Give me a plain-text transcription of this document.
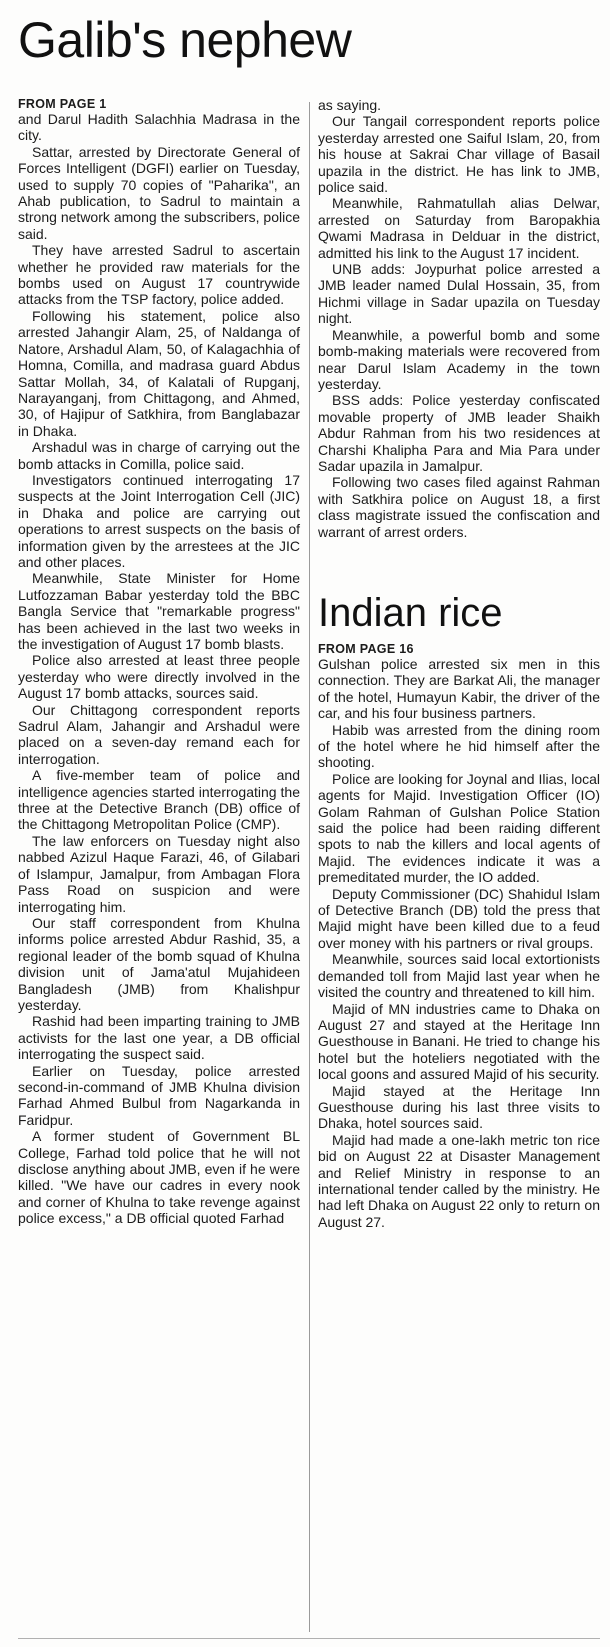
Galib's nephew
FROM PAGE 1

and Darul Hadith Salachhia Madrasa in the city.

Sattar, arrested by Directorate General of Forces Intelligent (DGFI) earlier on Tuesday, used to supply 70 copies of "Paharika", an Ahab publication, to Sadrul to maintain a strong network among the subscribers, police said.

They have arrested Sadrul to ascertain whether he provided raw materials for the bombs used on August 17 countrywide attacks from the TSP factory, police added.

Following his statement, police also arrested Jahangir Alam, 25, of Naldanga of Natore, Arshadul Alam, 50, of Kalagachhia of Homna, Comilla, and madrasa guard Abdus Sattar Mollah, 34, of Kalatali of Rupganj, Narayanganj, from Chittagong, and Ahmed, 30, of Hajipur of Satkhira, from Banglabazar in Dhaka.

Arshadul was in charge of carrying out the bomb attacks in Comilla, police said.

Investigators continued interrogating 17 suspects at the Joint Interrogation Cell (JIC) in Dhaka and police are carrying out operations to arrest suspects on the basis of information given by the arrestees at the JIC and other places.

Meanwhile, State Minister for Home Lutfozzaman Babar yesterday told the BBC Bangla Service that "remarkable progress" has been achieved in the last two weeks in the investigation of August 17 bomb blasts.

Police also arrested at least three people yesterday who were directly involved in the August 17 bomb attacks, sources said.

Our Chittagong correspondent reports Sadrul Alam, Jahangir and Arshadul were placed on a seven-day remand each for interrogation.

A five-member team of police and intelligence agencies started interrogating the three at the Detective Branch (DB) office of the Chittagong Metropolitan Police (CMP).

The law enforcers on Tuesday night also nabbed Azizul Haque Farazi, 46, of Gilabari of Islampur, Jamalpur, from Ambagan Flora Pass Road on suspicion and were interrogating him.

Our staff correspondent from Khulna informs police arrested Abdur Rashid, 35, a regional leader of the bomb squad of Khulna division unit of Jama'atul Mujahideen Bangladesh (JMB) from Khalishpur yesterday.

Rashid had been imparting training to JMB activists for the last one year, a DB official interrogating the suspect said.

Earlier on Tuesday, police arrested second-in-command of JMB Khulna division Farhad Ahmed Bulbul from Nagarkanda in Faridpur.

A former student of Government BL College, Farhad told police that he will not disclose anything about JMB, even if he were killed. "We have our cadres in every nook and corner of Khulna to take revenge against police excess," a DB official quoted Farhad

as saying.

Our Tangail correspondent reports police yesterday arrested one Saiful Islam, 20, from his house at Sakrai Char village of Basail upazila in the district. He has link to JMB, police said.

Meanwhile, Rahmatullah alias Delwar, arrested on Saturday from Baropakhia Qwami Madrasa in Delduar in the district, admitted his link to the August 17 incident.

UNB adds: Joypurhat police arrested a JMB leader named Dulal Hossain, 35, from Hichmi village in Sadar upazila on Tuesday night.

Meanwhile, a powerful bomb and some bomb-making materials were recovered from near Darul Islam Academy in the town yesterday.

BSS adds: Police yesterday confiscated movable property of JMB leader Shaikh Abdur Rahman from his two residences at Charshi Khalipha Para and Mia Para under Sadar upazila in Jamalpur.

Following two cases filed against Rahman with Satkhira police on August 18, a first class magistrate issued the confiscation and warrant of arrest orders.

Indian rice
FROM PAGE 16

Gulshan police arrested six men in this connection. They are Barkat Ali, the manager of the hotel, Humayun Kabir, the driver of the car, and his four business partners.

Habib was arrested from the dining room of the hotel where he hid himself after the shooting.

Police are looking for Joynal and Ilias, local agents for Majid. Investigation Officer (IO) Golam Rahman of Gulshan Police Station said the police had been raiding different spots to nab the killers and local agents of Majid. The evidences indicate it was a premeditated murder, the IO added.

Deputy Commissioner (DC) Shahidul Islam of Detective Branch (DB) told the press that Majid might have been killed due to a feud over money with his partners or rival groups.

Meanwhile, sources said local extortionists demanded toll from Majid last year when he visited the country and threatened to kill him.

Majid of MN industries came to Dhaka on August 27 and stayed at the Heritage Inn Guesthouse in Banani. He tried to change his hotel but the hoteliers negotiated with the local goons and assured Majid of his security.

Majid stayed at the Heritage Inn Guesthouse during his last three visits to Dhaka, hotel sources said.

Majid had made a one-lakh metric ton rice bid on August 22 at Disaster Management and Relief Ministry in response to an international tender called by the ministry. He had left Dhaka on August 22 only to return on August 27.
